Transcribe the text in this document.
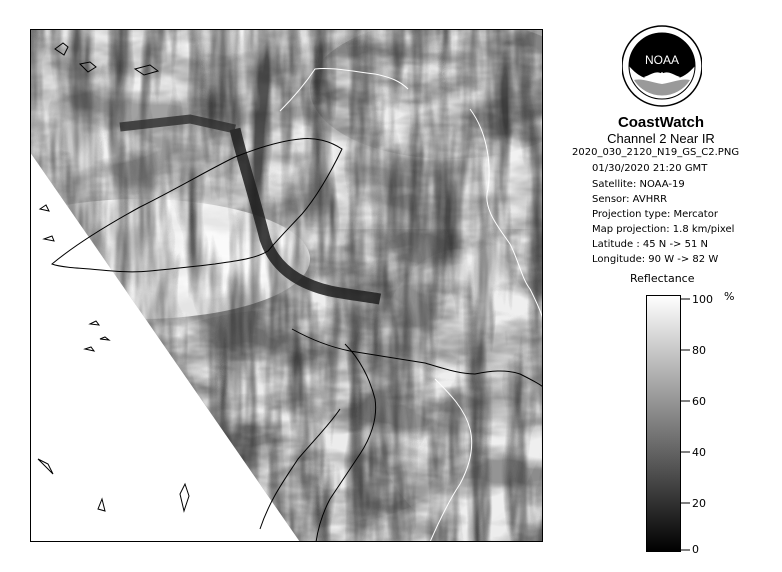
NOAA
CoastWatch
Channel 2 Near IR
2020_030_2120_N19_GS_C2.PNG
01/30/2020 21:20 GMT
Satellite: NOAA-19
Sensor: AVHRR
Projection type: Mercator
Map projection: 1.8 km/pixel
Latitude : 45 N -> 51 N
Longitude: 90 W -> 82 W
Reflectance
100 %
80
60
40
20
0
